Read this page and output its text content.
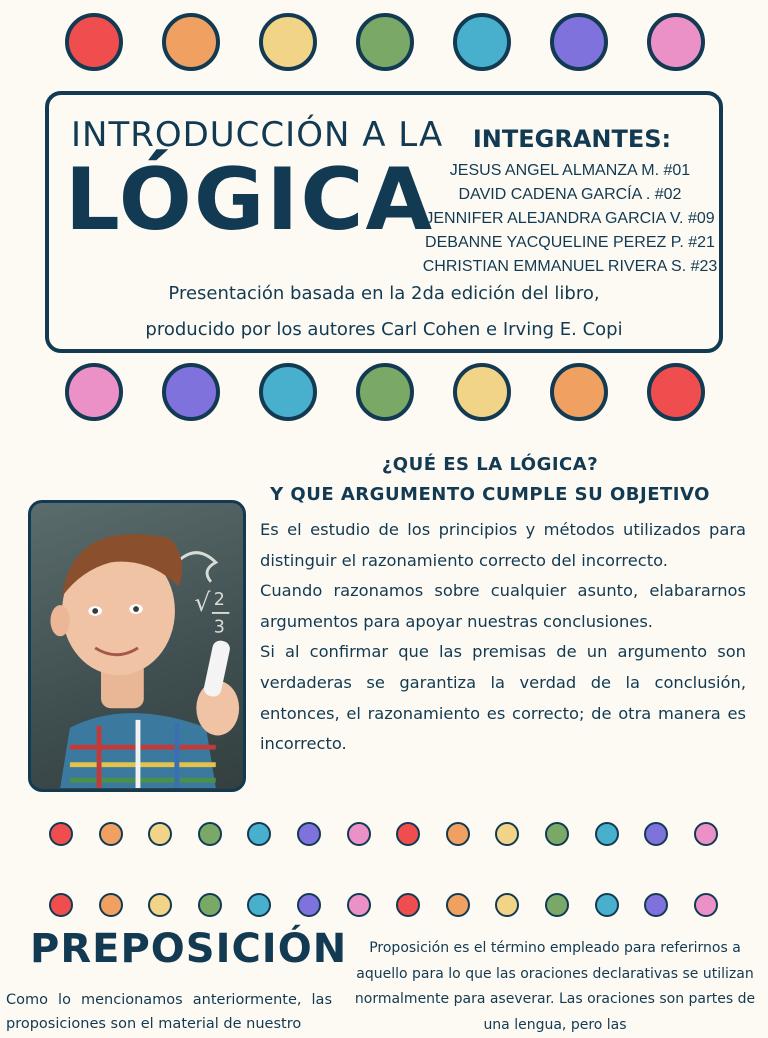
INTRODUCCIÓN A LA
LÓGICA
INTEGRANTES:
JESUS ANGEL ALMANZA M. #01
DAVID CADENA GARCÍA . #02
JENNIFER ALEJANDRA GARCIA V. #09
DEBANNE YACQUELINE PEREZ P. #21
CHRISTIAN EMMANUEL RIVERA S. #23
Presentación basada en la 2da edición del libro,
producido por los autores Carl Cohen e Irving E. Copi
¿QUÉ ES LA LÓGICA?
Y QUE ARGUMENTO CUMPLE SU OBJETIVO
√ 2
3

Es el estudio de los principios y métodos utilizados para distinguir el razonamiento correcto del incorrecto.

Cuando razonamos sobre cualquier asunto, elabararnos argumentos para apoyar nuestras conclusiones.

Si al confirmar que las premisas de un argumento son verdaderas se garantiza la verdad de la conclusión, entonces, el razonamiento es correcto; de otra manera es incorrecto.

PREPOSICIÓN
Como lo mencionamos anteriormente, las proposiciones son el material de nuestro
Proposición es el término empleado para referirnos a aquello para lo que las oraciones declarativas se utilizan normalmente para aseverar. Las oraciones son partes de una lengua, pero las
